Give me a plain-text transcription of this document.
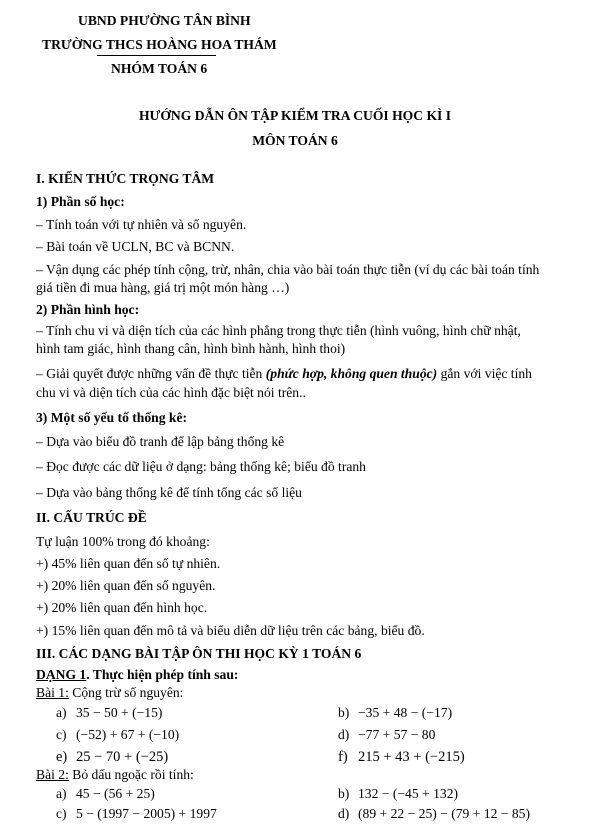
UBND PHƯỜNG TÂN BÌNH
TRƯỜNG THCS HOÀNG HOA THÁM
NHÓM TOÁN 6
HƯỚNG DẪN ÔN TẬP KIỂM TRA CUỐI HỌC KÌ I
MÔN TOÁN 6
I. KIẾN THỨC TRỌNG TÂM
1) Phần số học:
– Tính toán với tự nhiên và số nguyên.
– Bài toán về UCLN, BC và BCNN.
– Vận dụng các phép tính cộng, trừ, nhân, chia vào bài toán thực tiễn (ví dụ các bài toán tính
giá tiền đi mua hàng, giá trị một món hàng …)
2) Phần hình học:
– Tính chu vi và diện tích của các hình phẳng trong thực tiễn (hình vuông, hình chữ nhật,
hình tam giác, hình thang cân, hình bình hành, hình thoi)
– Giải quyết được những vấn đề thực tiễn (phức hợp, không quen thuộc) gắn với việc tính
chu vi và diện tích của các hình đặc biệt nói trên..
3) Một số yếu tố thống kê:
– Dựa vào biểu đồ tranh để lập bảng thống kê
– Đọc được các dữ liệu ở dạng: bảng thống kê; biểu đồ tranh
– Dựa vào bảng thống kê để tính tổng các số liệu
II. CẤU TRÚC ĐỀ
Tự luận 100% trong đó khoảng:
+) 45% liên quan đến số tự nhiên.
+) 20% liên quan đến số nguyên.
+) 20% liên quan đến hình học.
+) 15% liên quan đến mô tả và biểu diễn dữ liệu trên các bảng, biểu đồ.
III. CÁC DẠNG BÀI TẬP ÔN THI HỌC KỲ 1 TOÁN 6
DẠNG 1. Thực hiện phép tính sau:
Bài 1: Cộng trừ số nguyên:
a) 35 − 50 + (−15)	b) −35 + 48 − (−17)
c) (−52) + 67 + (−10)	d) −77 + 57 − 80
e) 25 − 70 + (−25)	f) 215 + 43 + (−215)
Bài 2: Bỏ dấu ngoặc rồi tính:
a) 45 − (56 + 25)	b) 132 − (−45 + 132)
c) 5 − (1997 − 2005) + 1997	d) (89 + 22 − 25) − (79 + 12 − 85)
